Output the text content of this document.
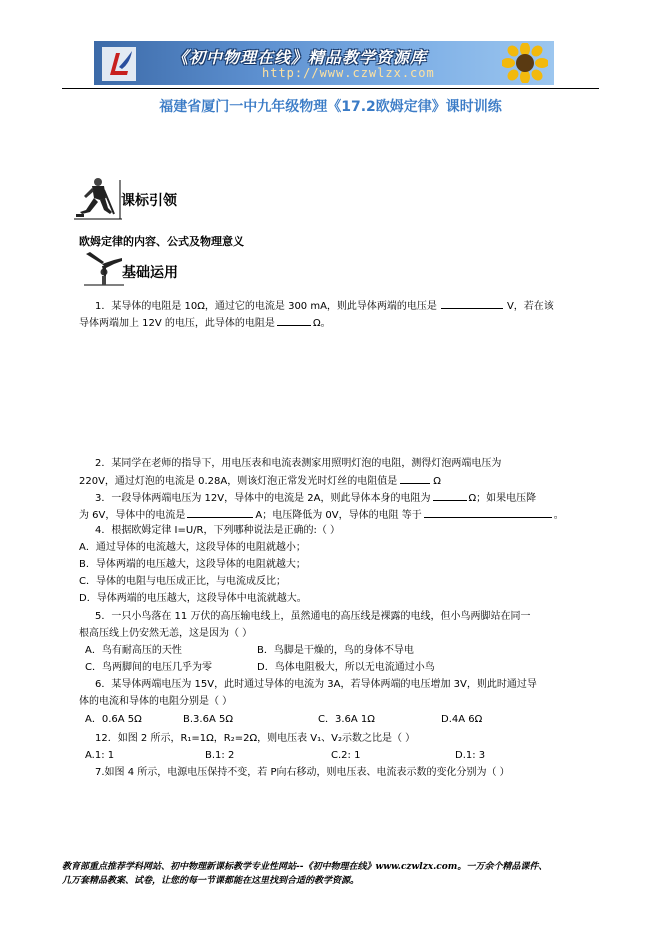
《初中物理在线》精品教学资源库
http://www.czwlzx.com
福建省厦门一中九年级物理《17.2欧姆定律》课时训练
课标引领
欧姆定律的内容、公式及物理意义
基础运用
1．某导体的电阻是 10Ω，通过它的电流是 300 mA，则此导体两端的电压是	V，若在该
导体两端加上 12V 的电压，此导体的电阻是	Ω。
2．某同学在老师的指导下，用电压表和电流表测家用照明灯泡的电阻，测得灯泡两端电压为
220V，通过灯泡的电流是 0.28A，则该灯泡正常发光时灯丝的电阻值是	Ω
3．一段导体两端电压为 12V，导体中的电流是 2A，则此导体本身的电阻为	Ω；如果电压降
为 6V，导体中的电流是	A；电压降低为 0V，导体的电阻 等于	。
4．根据欧姆定律 I=U/R，下列哪种说法是正确的:（ ）
A．通过导体的电流越大，这段导体的电阻就越小；
B．导体两端的电压越大，这段导体的电阻就越大；
C．导体的电阻与电压成正比，与电流成反比；
D．导体两端的电压越大，这段导体中电流就越大。
5．一只小鸟落在 11 万伏的高压输电线上，虽然通电的高压线是裸露的电线，但小鸟两脚站在同一
根高压线上仍安然无恙，这是因为（ ）
A．鸟有耐高压的天性	B．鸟脚是干燥的，鸟的身体不导电
C．鸟两脚间的电压几乎为零	D．鸟体电阻极大，所以无电流通过小鸟
6．某导体两端电压为 15V，此时通过导体的电流为 3A，若导体两端的电压增加 3V，则此时通过导
体的电流和导体的电阻分别是（ ）
A．0.6A 5Ω	B.3.6A 5Ω	C．3.6A 1Ω	D.4A 6Ω
12．如图 2 所示，R₁=1Ω，R₂=2Ω，则电压表 V₁、V₂示数之比是（ ）
A.1: 1	B.1: 2	C.2: 1	D.1: 3
7.如图 4 所示，电源电压保持不变，若 P向右移动，则电压表、电流表示数的变化分别为（ ）
教育部重点推荐学科网站、初中物理新课标教学专业性网站--《初中物理在线》www.czwlzx.com。一万余个精品课件、
几万套精品教案、试卷，让您的每一节课都能在这里找到合适的教学资源。
